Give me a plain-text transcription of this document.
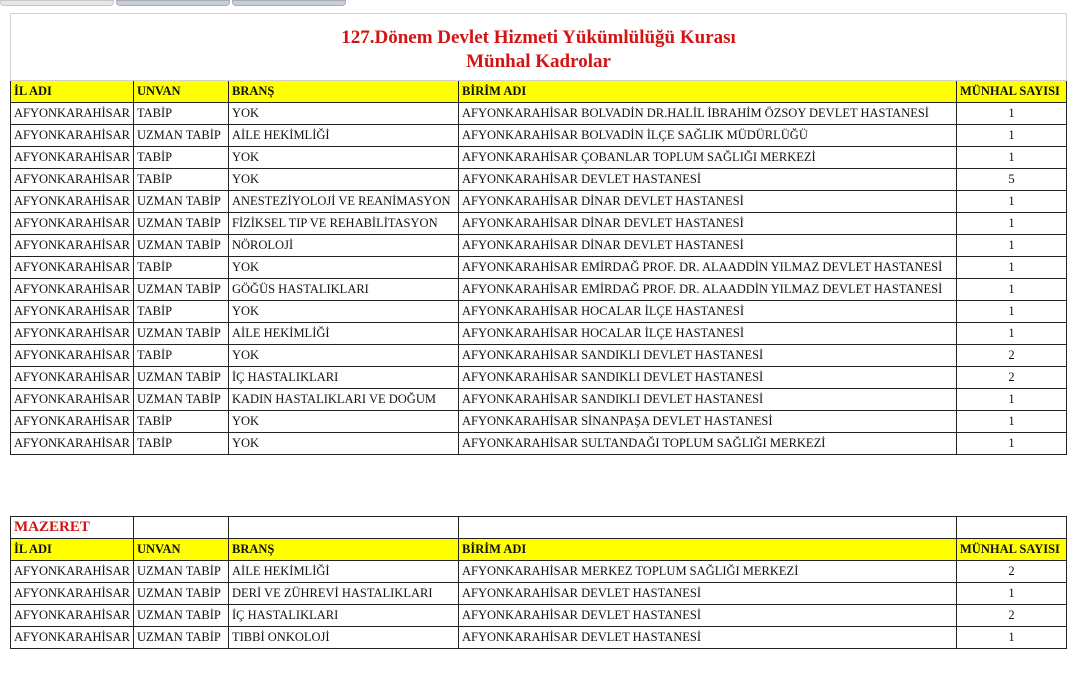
127.Dönem Devlet Hizmeti Yükümlülüğü Kurası
Münhal Kadrolar				

İL ADI	UNVAN	BRANŞ	BİRİM ADI	MÜNHAL SAYISI
AFYONKARAHİSAR	TABİP	YOK	AFYONKARAHİSAR BOLVADİN DR.HALİL İBRAHİM ÖZSOY DEVLET HASTANESİ	1
AFYONKARAHİSAR	UZMAN TABİP	AİLE HEKİMLİĞİ	AFYONKARAHİSAR BOLVADİN İLÇE SAĞLIK MÜDÜRLÜĞÜ	1
AFYONKARAHİSAR	TABİP	YOK	AFYONKARAHİSAR ÇOBANLAR TOPLUM SAĞLIĞI MERKEZİ	1
AFYONKARAHİSAR	TABİP	YOK	AFYONKARAHİSAR DEVLET HASTANESİ	5
AFYONKARAHİSAR	UZMAN TABİP	ANESTEZİYOLOJİ VE REANİMASYON	AFYONKARAHİSAR DİNAR DEVLET HASTANESİ	1
AFYONKARAHİSAR	UZMAN TABİP	FİZİKSEL TIP VE REHABİLİTASYON	AFYONKARAHİSAR DİNAR DEVLET HASTANESİ	1
AFYONKARAHİSAR	UZMAN TABİP	NÖROLOJİ	AFYONKARAHİSAR DİNAR DEVLET HASTANESİ	1
AFYONKARAHİSAR	TABİP	YOK	AFYONKARAHİSAR EMİRDAĞ PROF. DR. ALAADDİN YILMAZ DEVLET HASTANESİ	1
AFYONKARAHİSAR	UZMAN TABİP	GÖĞÜS HASTALIKLARI	AFYONKARAHİSAR EMİRDAĞ PROF. DR. ALAADDİN YILMAZ DEVLET HASTANESİ	1
AFYONKARAHİSAR	TABİP	YOK	AFYONKARAHİSAR HOCALAR İLÇE HASTANESİ	1
AFYONKARAHİSAR	UZMAN TABİP	AİLE HEKİMLİĞİ	AFYONKARAHİSAR HOCALAR İLÇE HASTANESİ	1
AFYONKARAHİSAR	TABİP	YOK	AFYONKARAHİSAR SANDIKLI DEVLET HASTANESİ	2
AFYONKARAHİSAR	UZMAN TABİP	İÇ HASTALIKLARI	AFYONKARAHİSAR SANDIKLI DEVLET HASTANESİ	2
AFYONKARAHİSAR	UZMAN TABİP	KADIN HASTALIKLARI VE DOĞUM	AFYONKARAHİSAR SANDIKLI DEVLET HASTANESİ	1
AFYONKARAHİSAR	TABİP	YOK	AFYONKARAHİSAR SİNANPAŞA DEVLET HASTANESİ	1
AFYONKARAHİSAR	TABİP	YOK	AFYONKARAHİSAR SULTANDAĞI TOPLUM SAĞLIĞI MERKEZİ	1
MAZERET				
İL ADI	UNVAN	BRANŞ	BİRİM ADI	MÜNHAL SAYISI
AFYONKARAHİSAR	UZMAN TABİP	AİLE HEKİMLİĞİ	AFYONKARAHİSAR MERKEZ TOPLUM SAĞLIĞI MERKEZİ	2
AFYONKARAHİSAR	UZMAN TABİP	DERİ VE ZÜHREVİ HASTALIKLARI	AFYONKARAHİSAR DEVLET HASTANESİ	1
AFYONKARAHİSAR	UZMAN TABİP	İÇ HASTALIKLARI	AFYONKARAHİSAR DEVLET HASTANESİ	2
AFYONKARAHİSAR	UZMAN TABİP	TIBBİ ONKOLOJİ	AFYONKARAHİSAR DEVLET HASTANESİ	1
